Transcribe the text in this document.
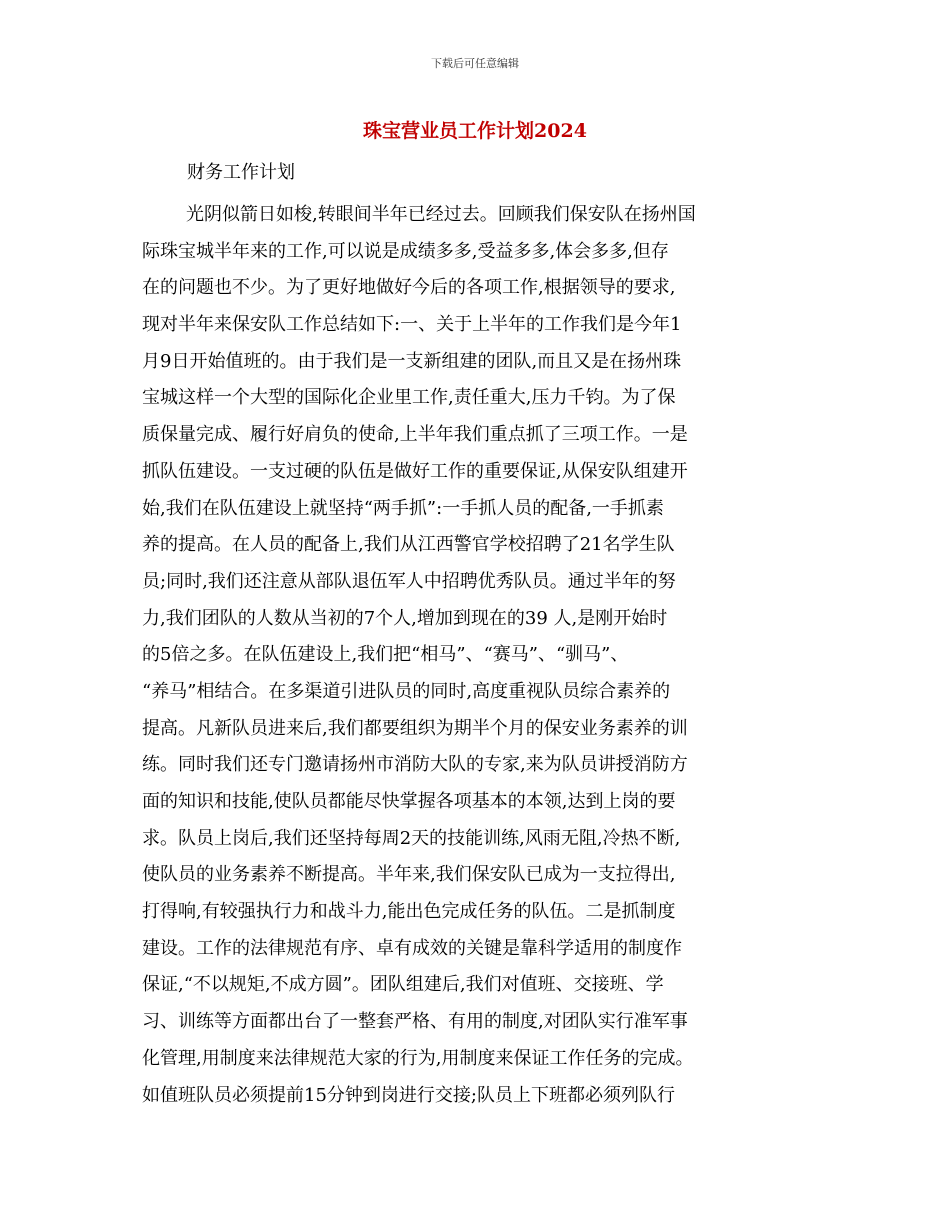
下载后可任意编辑
珠宝营业员工作计划2024
财务工作计划
光阴似箭日如梭,转眼间半年已经过去。回顾我们保安队在扬州国
际珠宝城半年来的工作,可以说是成绩多多,受益多多,体会多多,但存
在的问题也不少。为了更好地做好今后的各项工作,根据领导的要求,
现对半年来保安队工作总结如下:一、关于上半年的工作我们是今年1
月9日开始值班的。由于我们是一支新组建的团队,而且又是在扬州珠
宝城这样一个大型的国际化企业里工作,责任重大,压力千钧。为了保
质保量完成、履行好肩负的使命,上半年我们重点抓了三项工作。一是
抓队伍建设。一支过硬的队伍是做好工作的重要保证,从保安队组建开
始,我们在队伍建设上就坚持“两手抓”:一手抓人员的配备,一手抓素
养的提高。在人员的配备上,我们从江西警官学校招聘了21名学生队
员;同时,我们还注意从部队退伍军人中招聘优秀队员。通过半年的努
力,我们团队的人数从当初的7个人,增加到现在的39 人,是刚开始时
的5倍之多。在队伍建设上,我们把“相马”、“赛马”、“驯马”、
“养马”相结合。在多渠道引进队员的同时,高度重视队员综合素养的
提高。凡新队员进来后,我们都要组织为期半个月的保安业务素养的训
练。同时我们还专门邀请扬州市消防大队的专家,来为队员讲授消防方
面的知识和技能,使队员都能尽快掌握各项基本的本领,达到上岗的要
求。队员上岗后,我们还坚持每周2天的技能训练,风雨无阻,冷热不断,
使队员的业务素养不断提高。半年来,我们保安队已成为一支拉得出,
打得响,有较强执行力和战斗力,能出色完成任务的队伍。二是抓制度
建设。工作的法律规范有序、卓有成效的关键是靠科学适用的制度作
保证,“不以规矩,不成方圆”。团队组建后,我们对值班、交接班、学
习、训练等方面都出台了一整套严格、有用的制度,对团队实行准军事
化管理,用制度来法律规范大家的行为,用制度来保证工作任务的完成。
如值班队员必须提前15分钟到岗进行交接;队员上下班都必须列队行
